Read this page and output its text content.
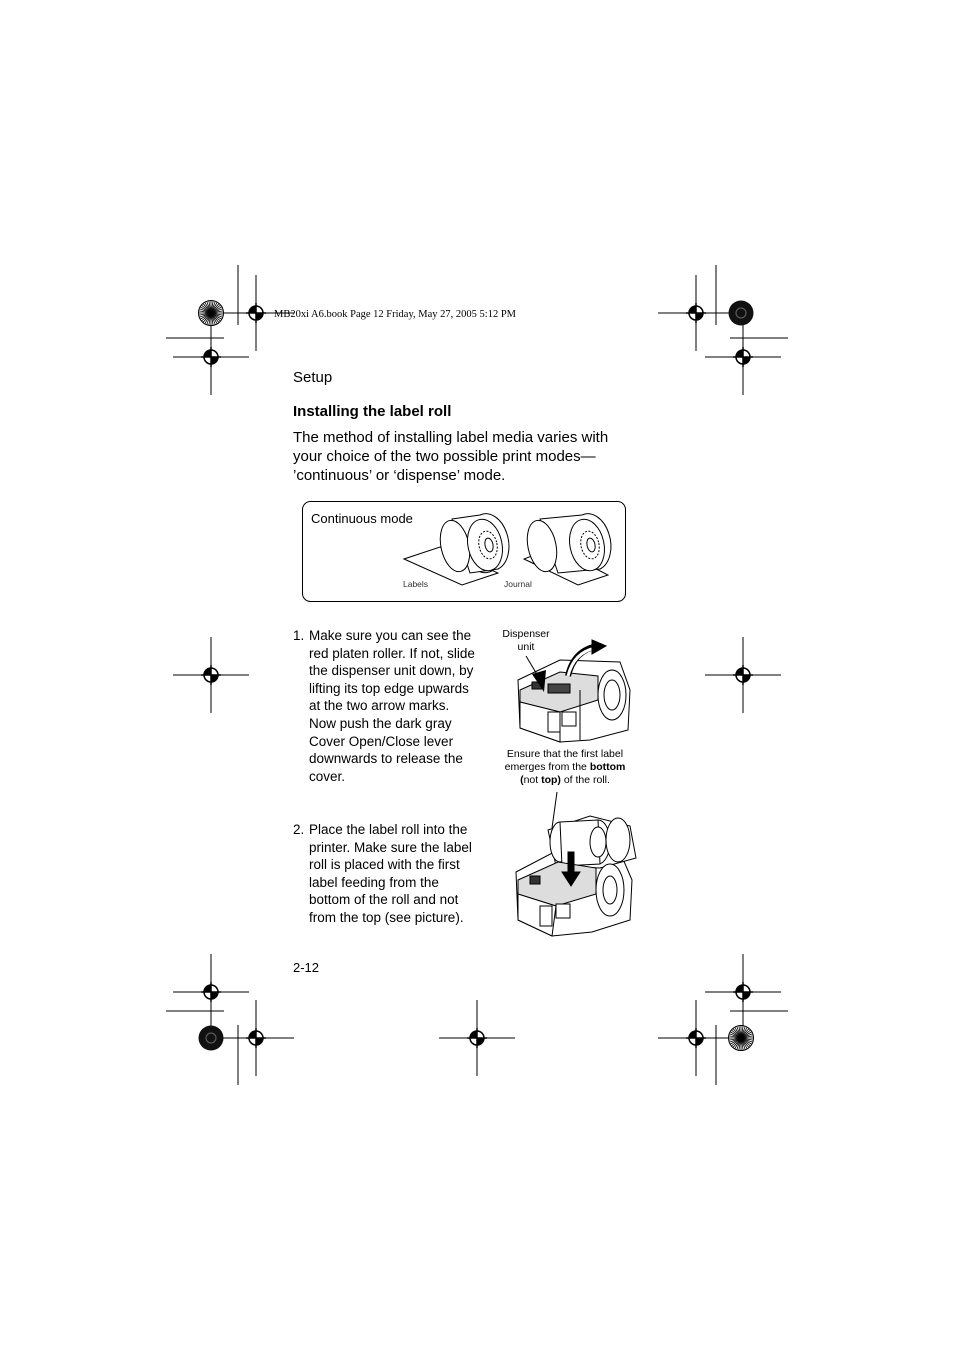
MB20xi A6.book Page 12 Friday, May 27, 2005 5:12 PM
Setup
Installing the label roll
The method of installing label media varies with
your choice of the two possible print modes—
’continuous’ or ‘dispense’ mode.
Continuous mode
Labels	Journal
1. Make sure you can see the
red platen roller. If not, slide
the dispenser unit down, by
lifting its top edge upwards
at the two arrow marks.
Now push the dark gray
Cover Open/Close lever
downwards to release the
cover.
2. Place the label roll into the
printer. Make sure the label
roll is placed with the first
label feeding from the
bottom of the roll and not
from the top (see picture).
Dispenser
unit
Ensure that the first label
emerges from the bottom
(not top) of the roll.
2-12
